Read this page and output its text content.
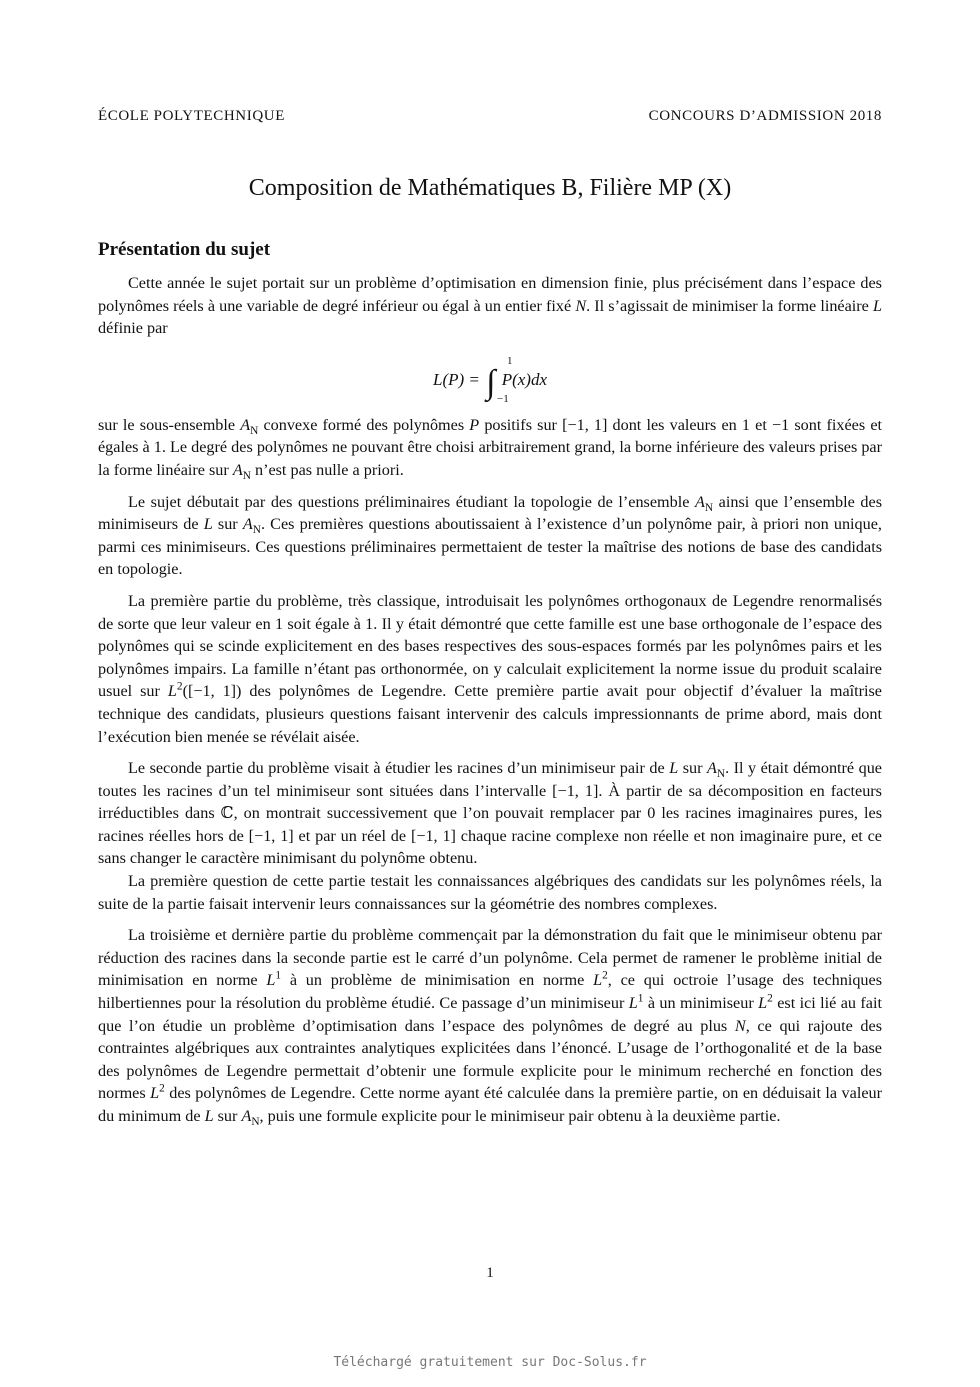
ÉCOLE POLYTECHNIQUE	CONCOURS D’ADMISSION 2018
Composition de Mathématiques B, Filière MP (X)
Présentation du sujet

Cette année le sujet portait sur un problème d’optimisation en dimension finie, plus précisément dans l’espace des polynômes réels à une variable de degré inférieur ou égal à un entier fixé N. Il s’agissait de minimiser la forme linéaire L définie par

L(P) = ∫
1
−1
P(x)dx

sur le sous-ensemble $A_N$ convexe formé des polynômes P positifs sur [−1, 1] dont les valeurs en 1 et −1 sont fixées et égales à 1. Le degré des polynômes ne pouvant être choisi arbitrairement grand, la borne inférieure des valeurs prises par la forme linéaire sur $A_N$ n’est pas nulle a priori.

Le sujet débutait par des questions préliminaires étudiant la topologie de l’ensemble $A_N$ ainsi que l’ensemble des minimiseurs de L sur $A_N$. Ces premières questions aboutissaient à l’existence d’un polynôme pair, à priori non unique, parmi ces minimiseurs. Ces questions préliminaires permettaient de tester la maîtrise des notions de base des candidats en topologie.

La première partie du problème, très classique, introduisait les polynômes orthogonaux de Legendre renormalisés de sorte que leur valeur en 1 soit égale à 1. Il y était démontré que cette famille est une base orthogonale de l’espace des polynômes qui se scinde explicitement en des bases respectives des sous-espaces formés par les polynômes pairs et les polynômes impairs. La famille n’étant pas orthonormée, on y calculait explicitement la norme issue du produit scalaire usuel sur $L^2([-1$, 1]) des polynômes de Legendre. Cette première partie avait pour objectif d’évaluer la maîtrise technique des candidats, plusieurs questions faisant intervenir des calculs impressionnants de prime abord, mais dont l’exécution bien menée se révélait aisée.

Le seconde partie du problème visait à étudier les racines d’un minimiseur pair de L sur $A_N$. Il y était démontré que toutes les racines d’un tel minimiseur sont situées dans l’intervalle [−1, 1]. À partir de sa décomposition en facteurs irréductibles dans ℂ, on montrait successivement que l’on pouvait remplacer par 0 les racines imaginaires pures, les racines réelles hors de [−1, 1] et par un réel de [−1, 1] chaque racine complexe non réelle et non imaginaire pure, et ce sans changer le caractère minimisant du polynôme obtenu.

La première question de cette partie testait les connaissances algébriques des candidats sur les polynômes réels, la suite de la partie faisait intervenir leurs connaissances sur la géométrie des nombres complexes.

La troisième et dernière partie du problème commençait par la démonstration du fait que le minimiseur obtenu par réduction des racines dans la seconde partie est le carré d’un polynôme. Cela permet de ramener le problème initial de minimisation en norme $L^1$ à un problème de minimisation en norme $L^2$, ce qui octroie l’usage des techniques hilbertiennes pour la résolution du problème étudié. Ce passage d’un minimiseur $L^1$ à un minimiseur $L^2$ est ici lié au fait que l’on étudie un problème d’optimisation dans l’espace des polynômes de degré au plus N, ce qui rajoute des contraintes algébriques aux contraintes analytiques explicitées dans l’énoncé. L’usage de l’orthogonalité et de la base des polynômes de Legendre permettait d’obtenir une formule explicite pour le minimum recherché en fonction des normes $L^2$ des polynômes de Legendre. Cette norme ayant été calculée dans la première partie, on en déduisait la valeur du minimum de L sur $A_N$, puis une formule explicite pour le minimiseur pair obtenu à la deuxième partie.

1
Téléchargé gratuitement sur Doc-Solus.fr
